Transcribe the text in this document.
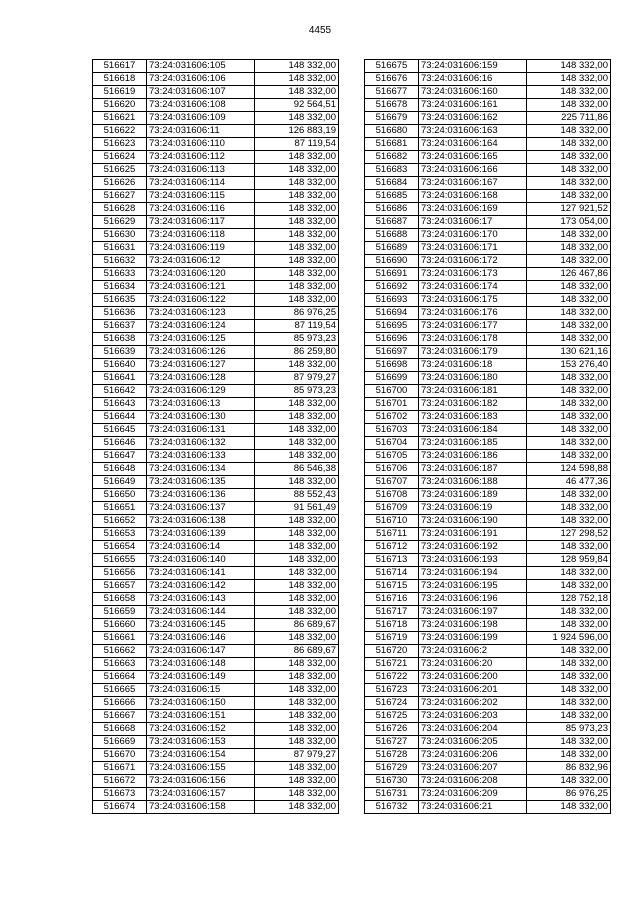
4455
516617	73:24:031606:105	148 332,00
516618	73:24:031606:106	148 332,00
516619	73:24:031606:107	148 332,00
516620	73:24:031606:108	92 564,51
516621	73:24:031606:109	148 332,00
516622	73:24:031606:11	126 883,19
516623	73:24:031606:110	87 119,54
516624	73:24:031606:112	148 332,00
516625	73:24:031606:113	148 332,00
516626	73:24:031606:114	148 332,00
516627	73:24:031606:115	148 332,00
516628	73:24:031606:116	148 332,00
516629	73:24:031606:117	148 332,00
516630	73:24:031606:118	148 332,00
516631	73:24:031606:119	148 332,00
516632	73:24:031606:12	148 332,00
516633	73:24:031606:120	148 332,00
516634	73:24:031606:121	148 332,00
516635	73:24:031606:122	148 332,00
516636	73:24:031606:123	86 976,25
516637	73:24:031606:124	87 119,54
516638	73:24:031606:125	85 973,23
516639	73:24:031606:126	86 259,80
516640	73:24:031606:127	148 332,00
516641	73:24:031606:128	87 979,27
516642	73:24:031606:129	85 973,23
516643	73:24:031606:13	148 332,00
516644	73:24:031606:130	148 332,00
516645	73:24:031606:131	148 332,00
516646	73:24:031606:132	148 332,00
516647	73:24:031606:133	148 332,00
516648	73:24:031606:134	86 546,38
516649	73:24:031606:135	148 332,00
516650	73:24:031606:136	88 552,43
516651	73:24:031606:137	91 561,49
516652	73:24:031606:138	148 332,00
516653	73:24:031606:139	148 332,00
516654	73:24:031606:14	148 332,00
516655	73:24:031606:140	148 332,00
516656	73:24:031606:141	148 332,00
516657	73:24:031606:142	148 332,00
516658	73:24:031606:143	148 332,00
516659	73:24:031606:144	148 332,00
516660	73:24:031606:145	86 689,67
516661	73:24:031606:146	148 332,00
516662	73:24:031606:147	86 689,67
516663	73:24:031606:148	148 332,00
516664	73:24:031606:149	148 332,00
516665	73:24:031606:15	148 332,00
516666	73:24:031606:150	148 332,00
516667	73:24:031606:151	148 332,00
516668	73:24:031606:152	148 332,00
516669	73:24:031606:153	148 332,00
516670	73:24:031606:154	87 979,27
516671	73:24:031606:155	148 332,00
516672	73:24:031606:156	148 332,00
516673	73:24:031606:157	148 332,00
516674	73:24:031606:158	148 332,00
516675	73:24:031606:159	148 332,00
516676	73:24:031606:16	148 332,00
516677	73:24:031606:160	148 332,00
516678	73:24:031606:161	148 332,00
516679	73:24:031606:162	225 711,86
516680	73:24:031606:163	148 332,00
516681	73:24:031606:164	148 332,00
516682	73:24:031606:165	148 332,00
516683	73:24:031606:166	148 332,00
516684	73:24:031606:167	148 332,00
516685	73:24:031606:168	148 332,00
516686	73:24:031606:169	127 921,52
516687	73:24:031606:17	173 054,00
516688	73:24:031606:170	148 332,00
516689	73:24:031606:171	148 332,00
516690	73:24:031606:172	148 332,00
516691	73:24:031606:173	126 467,86
516692	73:24:031606:174	148 332,00
516693	73:24:031606:175	148 332,00
516694	73:24:031606:176	148 332,00
516695	73:24:031606:177	148 332,00
516696	73:24:031606:178	148 332,00
516697	73:24:031606:179	130 621,16
516698	73:24:031606:18	153 276,40
516699	73:24:031606:180	148 332,00
516700	73:24:031606:181	148 332,00
516701	73:24:031606:182	148 332,00
516702	73:24:031606:183	148 332,00
516703	73:24:031606:184	148 332,00
516704	73:24:031606:185	148 332,00
516705	73:24:031606:186	148 332,00
516706	73:24:031606:187	124 598,88
516707	73:24:031606:188	46 477,36
516708	73:24:031606:189	148 332,00
516709	73:24:031606:19	148 332,00
516710	73:24:031606:190	148 332,00
516711	73:24:031606:191	127 298,52
516712	73:24:031606:192	148 332,00
516713	73:24:031606:193	128 959,84
516714	73:24:031606:194	148 332,00
516715	73:24:031606:195	148 332,00
516716	73:24:031606:196	128 752,18
516717	73:24:031606:197	148 332,00
516718	73:24:031606:198	148 332,00
516719	73:24:031606:199	1 924 596,00
516720	73:24:031606:2	148 332,00
516721	73:24:031606:20	148 332,00
516722	73:24:031606:200	148 332,00
516723	73:24:031606:201	148 332,00
516724	73:24:031606:202	148 332,00
516725	73:24:031606:203	148 332,00
516726	73:24:031606:204	85 973,23
516727	73:24:031606:205	148 332,00
516728	73:24:031606:206	148 332,00
516729	73:24:031606:207	86 832,96
516730	73:24:031606:208	148 332,00
516731	73:24:031606:209	86 976,25
516732	73:24:031606:21	148 332,00
